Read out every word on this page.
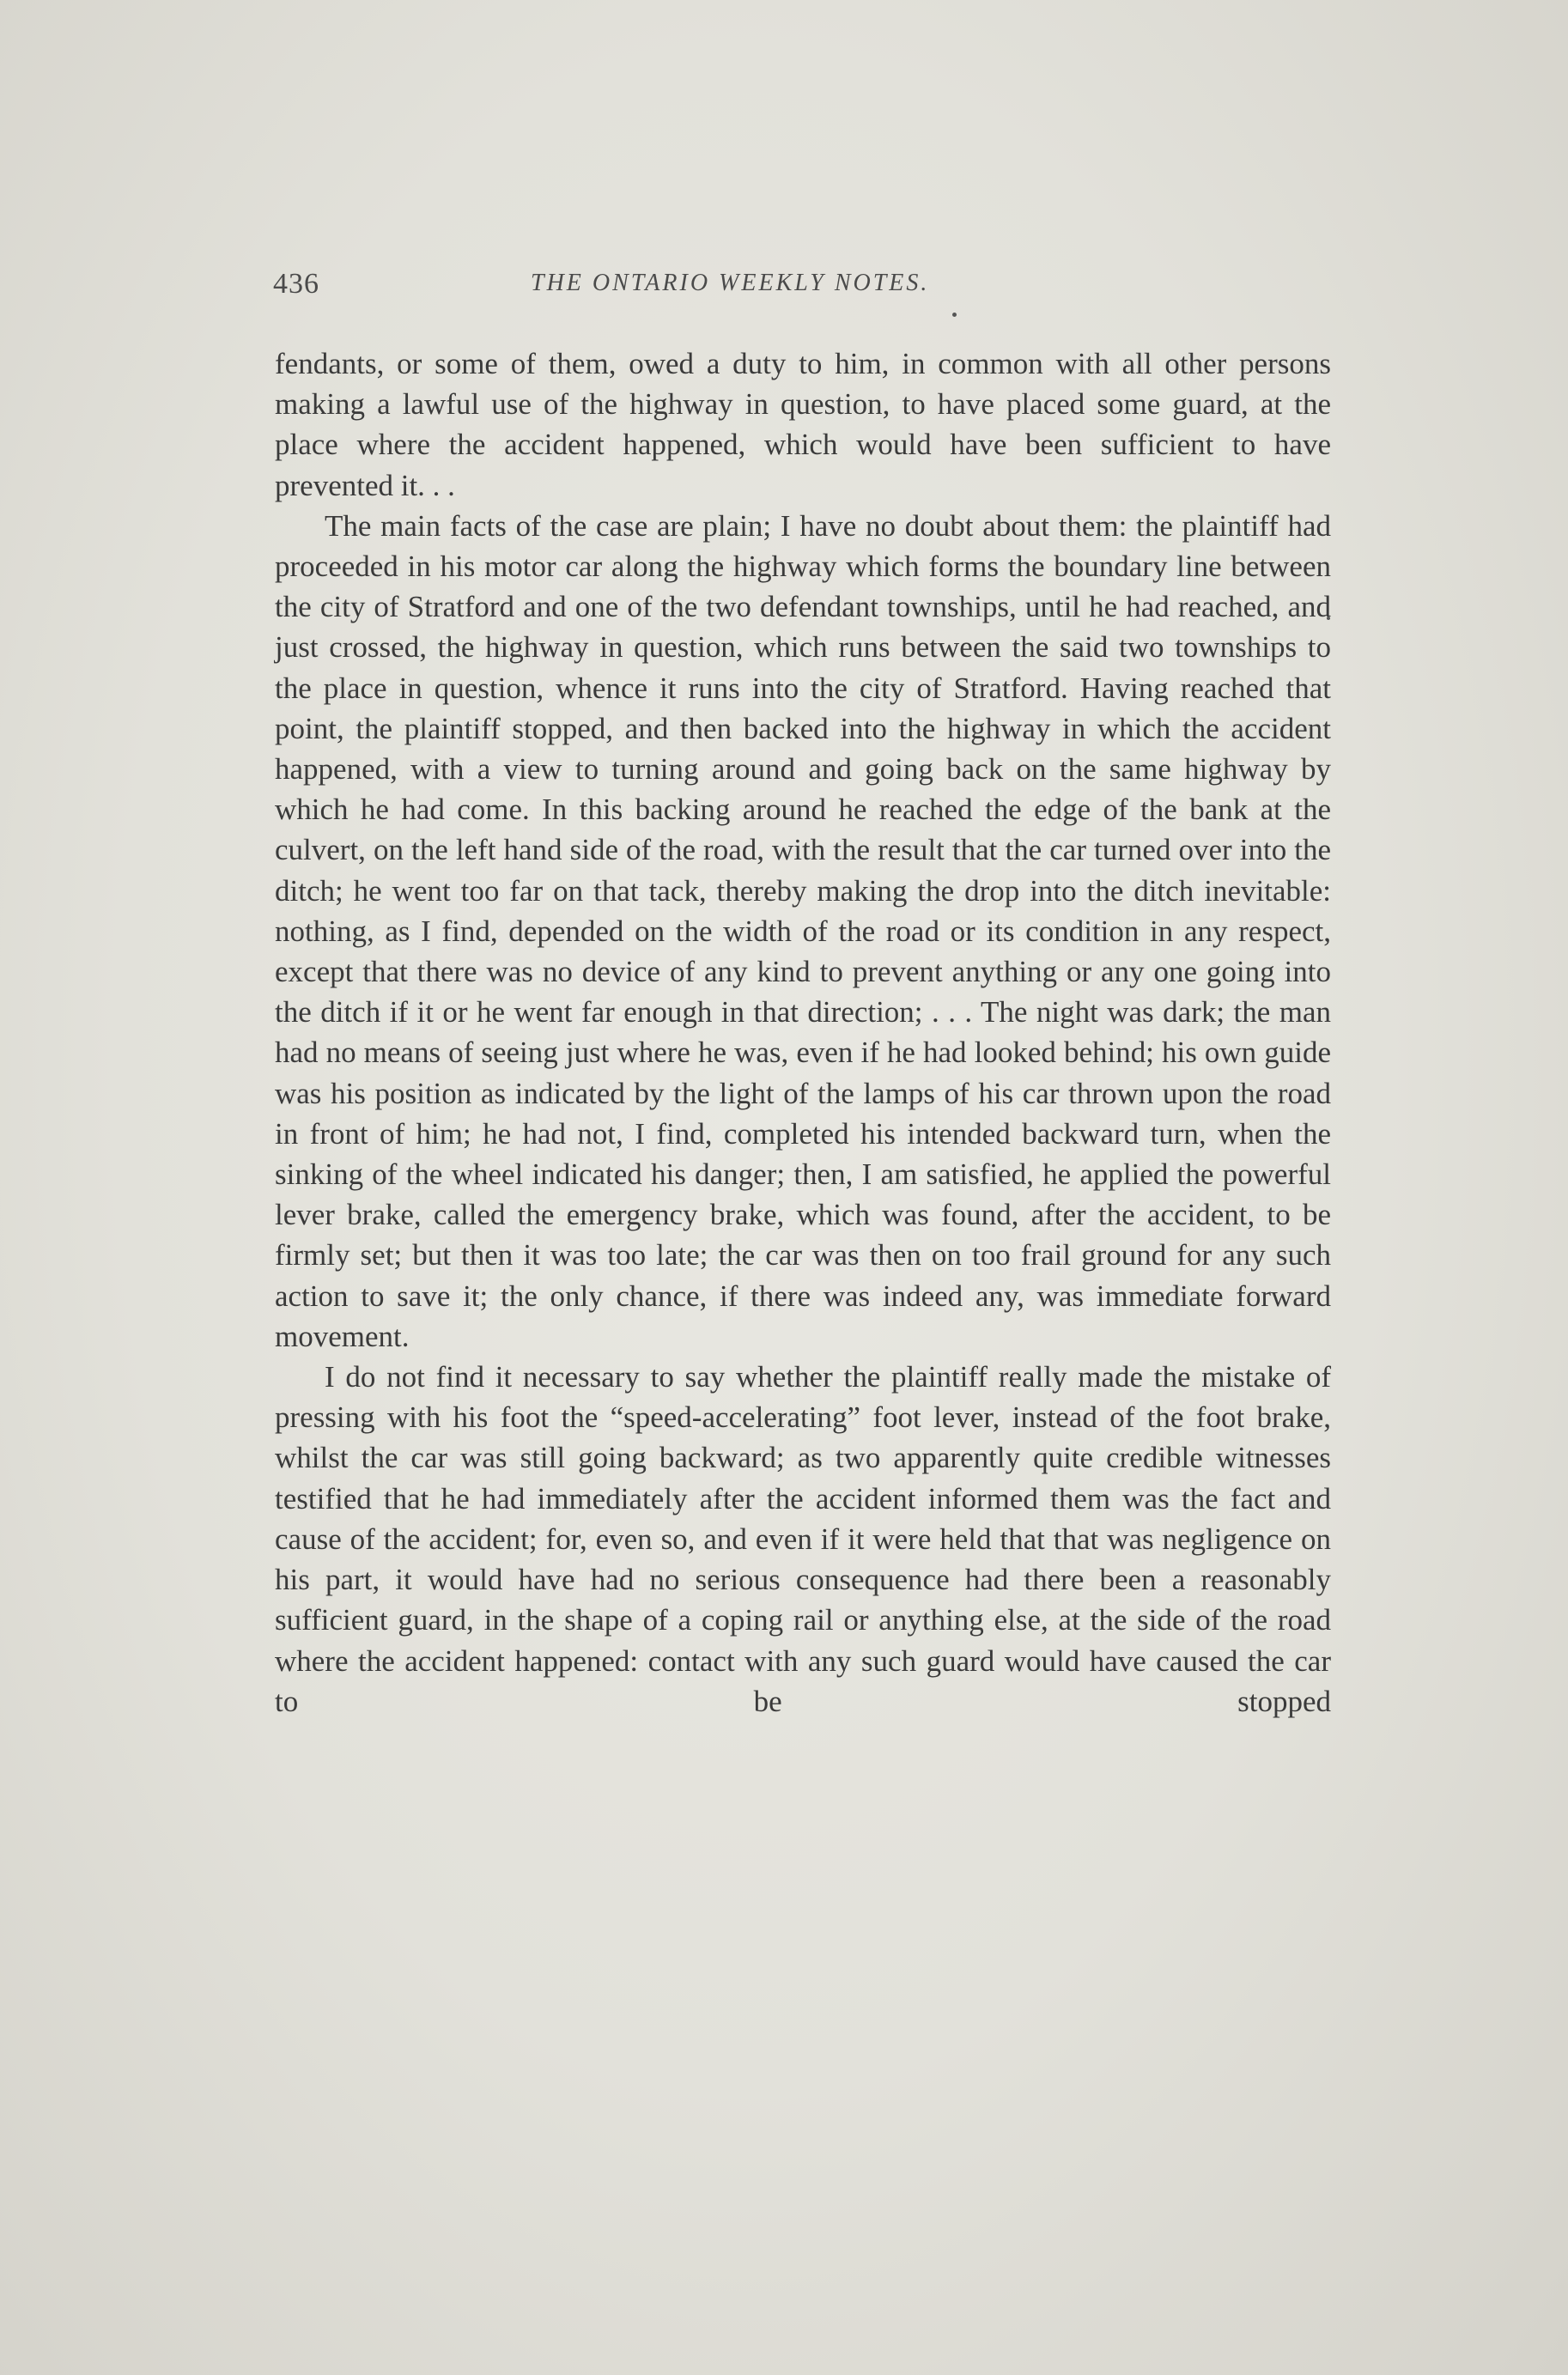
436	THE ONTARIO WEEKLY NOTES.

fendants, or some of them, owed a duty to him, in common with all other persons making a lawful use of the highway in question, to have placed some guard, at the place where the accident happened, which would have been sufficient to have prevented it. . .

The main facts of the case are plain; I have no doubt about them: the plaintiff had proceeded in his motor car along the highway which forms the boundary line between the city of Stratford and one of the two defendant townships, until he had reached, and just crossed, the highway in question, which runs between the said two townships to the place in question, whence it runs into the city of Stratford. Having reached that point, the plaintiff stopped, and then backed into the highway in which the accident happened, with a view to turning around and going back on the same highway by which he had come. In this backing around he reached the edge of the bank at the culvert, on the left hand side of the road, with the result that the car turned over into the ditch; he went too far on that tack, thereby making the drop into the ditch inevitable: nothing, as I find, depended on the width of the road or its condition in any respect, except that there was no device of any kind to prevent anything or any one going into the ditch if it or he went far enough in that direction; . . . The night was dark; the man had no means of seeing just where he was, even if he had looked behind; his own guide was his position as indicated by the light of the lamps of his car thrown upon the road in front of him; he had not, I find, completed his intended backward turn, when the sinking of the wheel indicated his danger; then, I am satisfied, he applied the powerful lever brake, called the emergency brake, which was found, after the accident, to be firmly set; but then it was too late; the car was then on too frail ground for any such action to save it; the only chance, if there was indeed any, was immediate forward movement.

I do not find it necessary to say whether the plaintiff really made the mistake of pressing with his foot the “speed-accelerating” foot lever, instead of the foot brake, whilst the car was still going backward; as two apparently quite credible witnesses testified that he had immediately after the accident informed them was the fact and cause of the accident; for, even so, and even if it were held that that was negligence on his part, it would have had no serious consequence had there been a reasonably sufficient guard, in the shape of a coping rail or anything else, at the side of the road where the accident happened: contact with any such guard would have caused the car to be stopped
